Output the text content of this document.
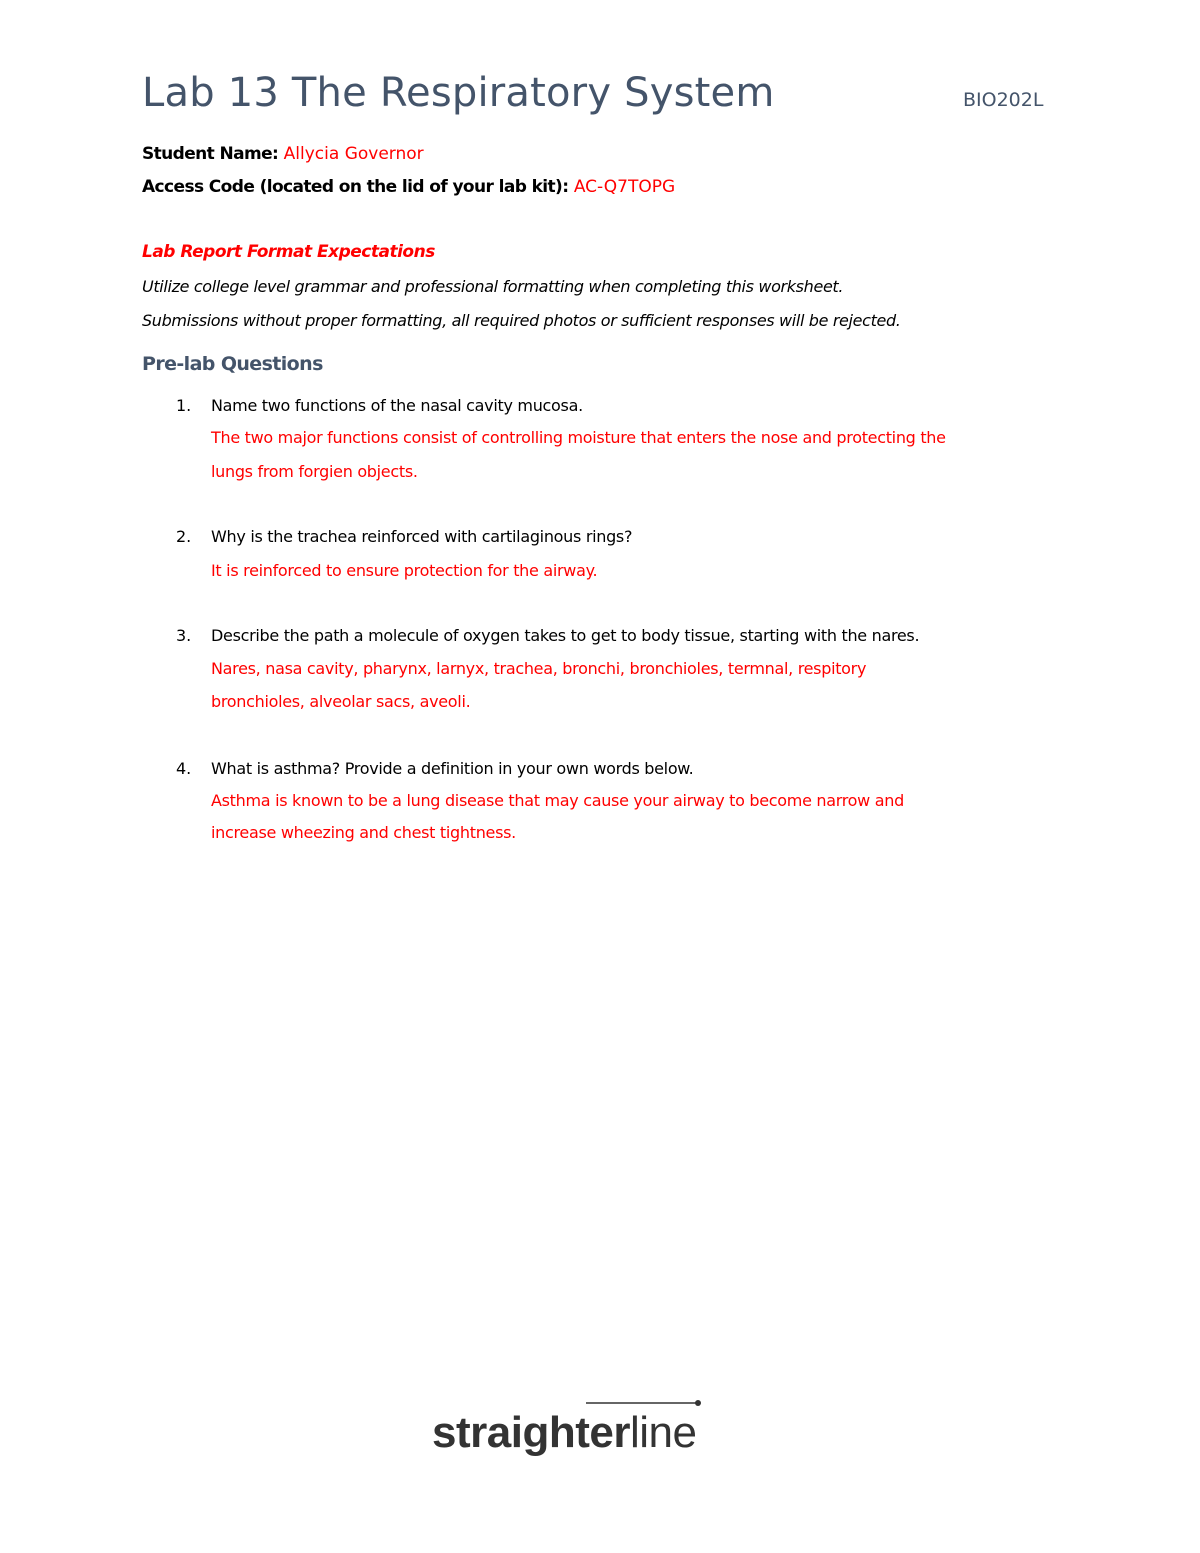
Lab 13 The Respiratory System	BIO202L
Student Name: Allycia Governor
Access Code (located on the lid of your lab kit): AC-Q7TOPG
Lab Report Format Expectations
Utilize college level grammar and professional formatting when completing this worksheet.
Submissions without proper formatting, all required photos or sufficient responses will be rejected.
Pre-lab Questions
1. Name two functions of the nasal cavity mucosa.
The two major functions consist of controlling moisture that enters the nose and protecting the
lungs from forgien objects.
2. Why is the trachea reinforced with cartilaginous rings?
It is reinforced to ensure protection for the airway.
3. Describe the path a molecule of oxygen takes to get to body tissue, starting with the nares.
Nares, nasa cavity, pharynx, larnyx, trachea, bronchi, bronchioles, termnal, respitory
bronchioles, alveolar sacs, aveoli.
4. What is asthma? Provide a definition in your own words below.
Asthma is known to be a lung disease that may cause your airway to become narrow and
increase wheezing and chest tightness.
straighterline
